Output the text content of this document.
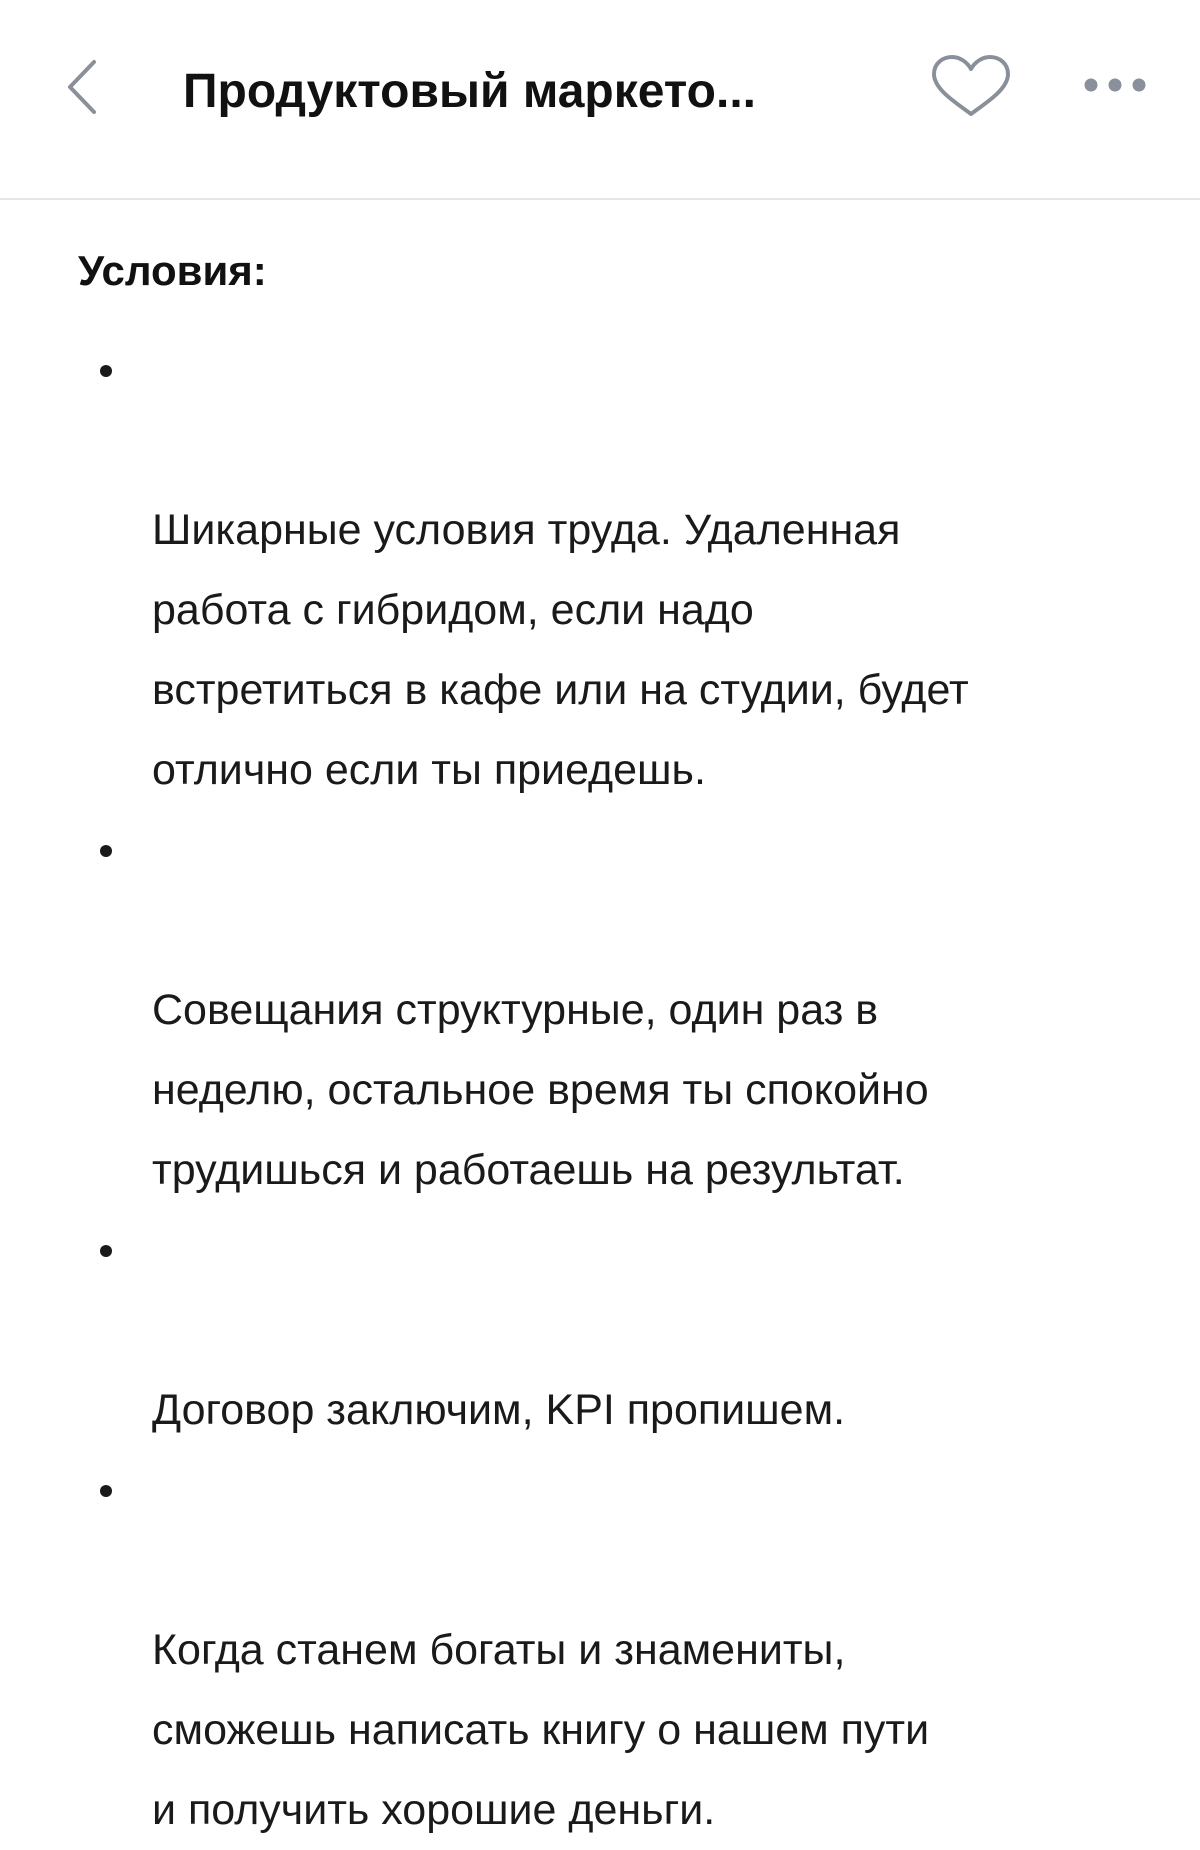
Продуктовый маркето...
Условия:

Шикарные условия труда. Удаленная
работа с гибридом, если надо
встретиться в кафе или на студии, будет
отлично если ты приедешь.

Совещания структурные, один раз в
неделю, остальное время ты спокойно
трудишься и работаешь на результат.

Договор заключим, KPI пропишем.

Когда станем богаты и знамениты,
сможешь написать книгу о нашем пути
и получить хорошие деньги.
